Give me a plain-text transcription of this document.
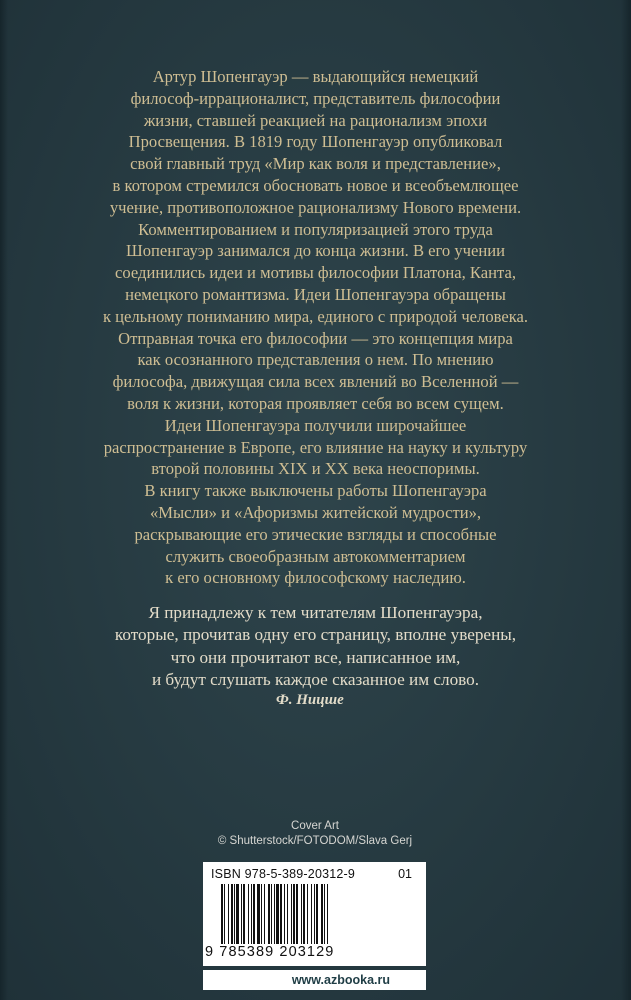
Артур Шопенгауэр — выдающийся немецкий
философ-иррационалист, представитель философии
жизни, ставшей реакцией на рационализм эпохи
Просвещения. В 1819 году Шопенгауэр опубликовал
свой главный труд «Мир как воля и представление»,
в котором стремился обосновать новое и всеобъемлющее
учение, противоположное рационализму Нового времени.
Комментированием и популяризацией этого труда
Шопенгауэр занимался до конца жизни. В его учении
соединились идеи и мотивы философии Платона, Канта,
немецкого романтизма. Идеи Шопенгауэра обращены
к цельному пониманию мира, единого с природой человека.
Отправная точка его философии — это концепция мира
как осознанного представления о нем. По мнению
философа, движущая сила всех явлений во Вселенной —
воля к жизни, которая проявляет себя во всем сущем.
Идеи Шопенгауэра получили широчайшее
распространение в Европе, его влияние на науку и культуру
второй половины XIX и XX века неоспоримы.
В книгу также выключены работы Шопенгауэра
«Мысли» и «Афоризмы житейской мудрости»,
раскрывающие его этические взгляды и способные
служить своеобразным автокомментарием
к его основному философскому наследию.
Я принадлежу к тем читателям Шопенгауэра,
которые, прочитав одну его страницу, вполне уверены,
что они прочитают все, написанное им,
и будут слушать каждое сказанное им слово.
Ф. Ницше
Cover Art
© Shutterstock/FOTODOM/Slava Gerj
ISBN 978-5-389-20312-9	01
9 785389 203129
www.azbooka.ru
